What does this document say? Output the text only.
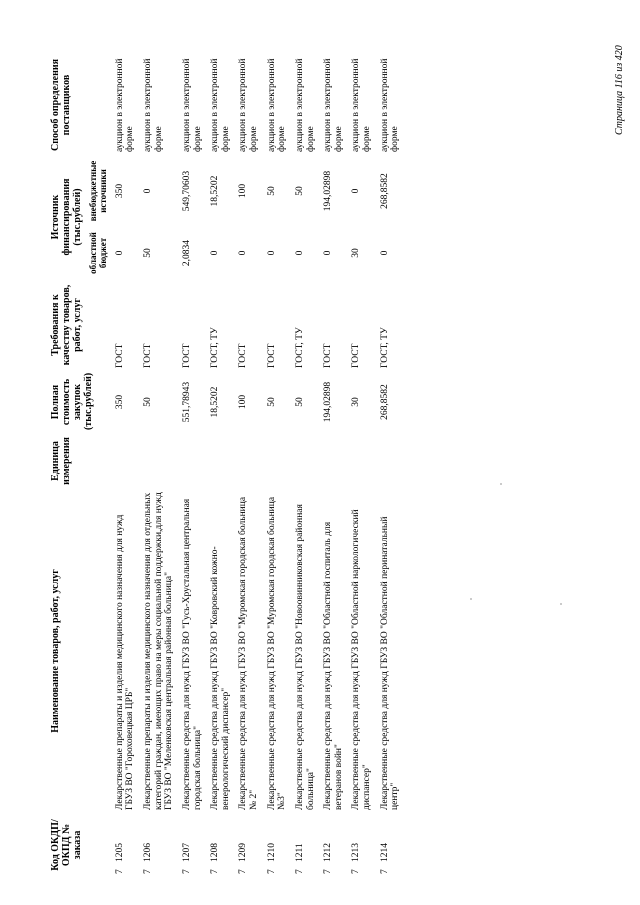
Код ОКДП/ ОКПД № заказа	Наименование товаров, работ, услуг	Единица измерения	Полная стоимость закупок (тыс.рублей)	Требования к качеству товаров, работ, услуг	Источник финансирования (тыс.рублей)		Способ определения поставщиков
					областной бюджет	внебюджетные источники	
71205	Лекарственные препараты и изделия медицинского назначения для нужд ГБУЗ ВО "Гороховецкая ЦРБ"		350	ГОСТ	0	350	аукцион в электронной форме
71206	Лекарственные препараты и изделия медицинского назначения для отдельных категорий граждан, имеющих право на меры социальной поддержки,для нужд ГБУЗ ВО "Меленковская центральная районная больница"		50	ГОСТ	50	0	аукцион в электронной форме
71207	Лекарственные средства для нужд ГБУЗ ВО "Гусь-Хрустальная центральная городская больница"		551,78943	ГОСТ	2,0834	549,70603	аукцион в электронной форме
71208	Лекарственные средства для нужд ГБУЗ ВО "Ковровский кожно-венерологический диспансер"		18,5202	ГОСТ, ТУ	0	18,5202	аукцион в электронной форме
71209	Лекарственные средства для нужд ГБУЗ ВО "Муромская городская больница № 2"		100	ГОСТ	0	100	аукцион в электронной форме
71210	Лекарственные средства для нужд ГБУЗ ВО "Муромская городская больница №3"		50	ГОСТ	0	50	аукцион в электронной форме
71211	Лекарственные средства для нужд ГБУЗ ВО "Новоовинниковская районная больница"		50	ГОСТ, ТУ	0	50	аукцион в электронной форме
71212	Лекарственные средства для нужд ГБУЗ ВО "Областной госпиталь для ветеранов войн"		194,02898	ГОСТ	0	194,02898	аукцион в электронной форме
71213	Лекарственные средства для нужд ГБУЗ ВО "Областной наркологический диспансер"		30	ГОСТ	30	0	аукцион в электронной форме
71214	Лекарственные средства для нужд ГБУЗ ВО "Областной перинатальный центр"		268,8582	ГОСТ, ТУ	0	268,8582	аукцион в электронной форме
Страница 116 из 420
